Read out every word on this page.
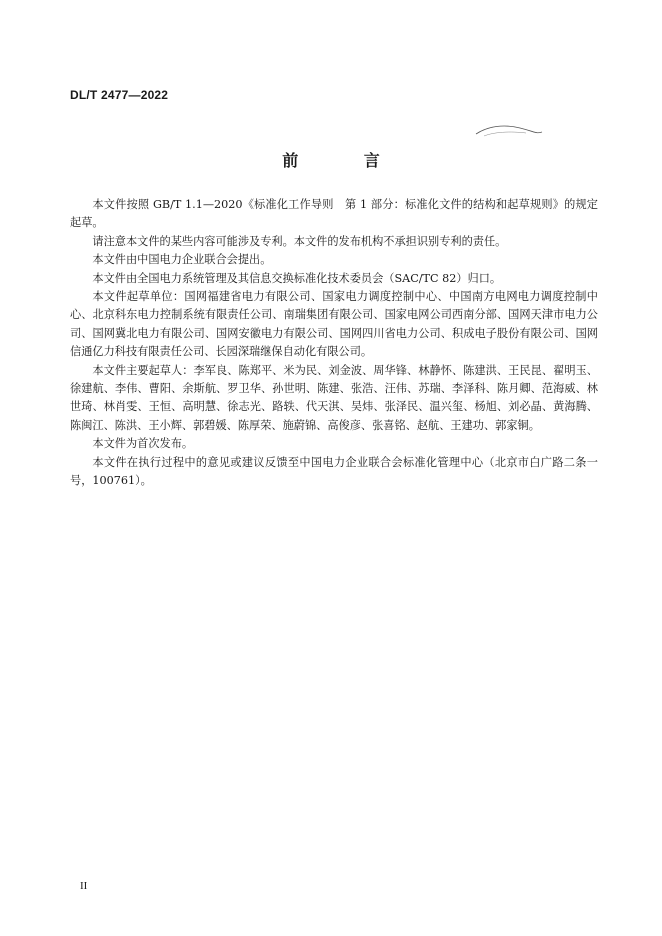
DL/T 2477—2022
前 言

本文件按照 GB/T 1.1—2020《标准化工作导则　第 1 部分：标准化文件的结构和起草规则》的规定起草。

请注意本文件的某些内容可能涉及专利。本文件的发布机构不承担识别专利的责任。

本文件由中国电力企业联合会提出。

本文件由全国电力系统管理及其信息交换标准化技术委员会（SAC/TC 82）归口。

本文件起草单位：国网福建省电力有限公司、国家电力调度控制中心、中国南方电网电力调度控制中心、北京科东电力控制系统有限责任公司、南瑞集团有限公司、国家电网公司西南分部、国网天津市电力公司、国网冀北电力有限公司、国网安徽电力有限公司、国网四川省电力公司、积成电子股份有限公司、国网信通亿力科技有限责任公司、长园深瑞继保自动化有限公司。

本文件主要起草人：李军良、陈郑平、米为民、刘金波、周华锋、林静怀、陈建洪、王民昆、翟明玉、徐建航、李伟、曹阳、余斯航、罗卫华、孙世明、陈建、张浩、汪伟、苏瑞、李泽科、陈月卿、范海威、林世琦、林肖雯、王恒、高明慧、徐志光、路轶、代天淇、吴炜、张泽民、温兴玺、杨旭、刘必晶、黄海腾、陈闽江、陈洪、王小辉、郭碧媛、陈厚荣、施蔚锦、高俊彦、张喜铭、赵航、王建功、郭家铜。

本文件为首次发布。

本文件在执行过程中的意见或建议反馈至中国电力企业联合会标准化管理中心（北京市白广路二条一号，100761）。

II
